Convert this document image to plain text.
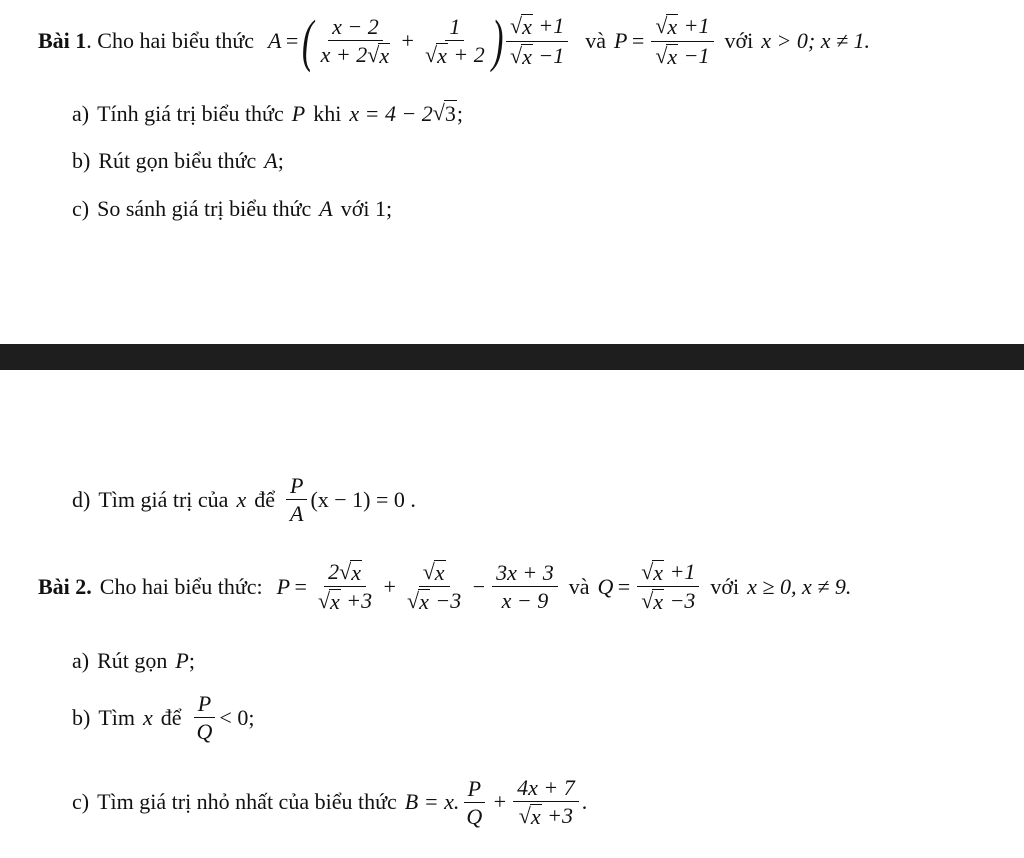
Bài 1 . Cho hai biểu thức A = ( $\frac{x - 2}{x + 2 √ x} + \frac{1}{√ x + 2}$ ) $\frac{√ x +1}{√ x -1}$ và $P = \frac{√ x +1}{√ x -1}$ với x > 0; x ≠ 1.
a) Tính giá trị biểu thức P khi x = 4 − 2 √ 3 ;
b) Rút gọn biểu thức A ;
c) So sánh giá trị biểu thức A với 1;
d) Tìm giá trị của x để $\frac{P}{A} (x - 1) = 0$ .
Bài 2. Cho hai biểu thức: $P = \frac{2 √ x}{√ x +3} + \frac{√ x}{√ x -3} - \frac{3x + 3}{x - 9}$ và $Q = \frac{√ x +1}{√ x -3}$ với x ≥ 0, x ≠ 9.
a) Rút gọn P ;
b) Tìm x để $\frac{P}{Q} < 0$;
c) Tìm giá trị nhỏ nhất của biểu thức B = x. $\frac{P}{Q} + \frac{4x + 7}{√ x +3}$ .
